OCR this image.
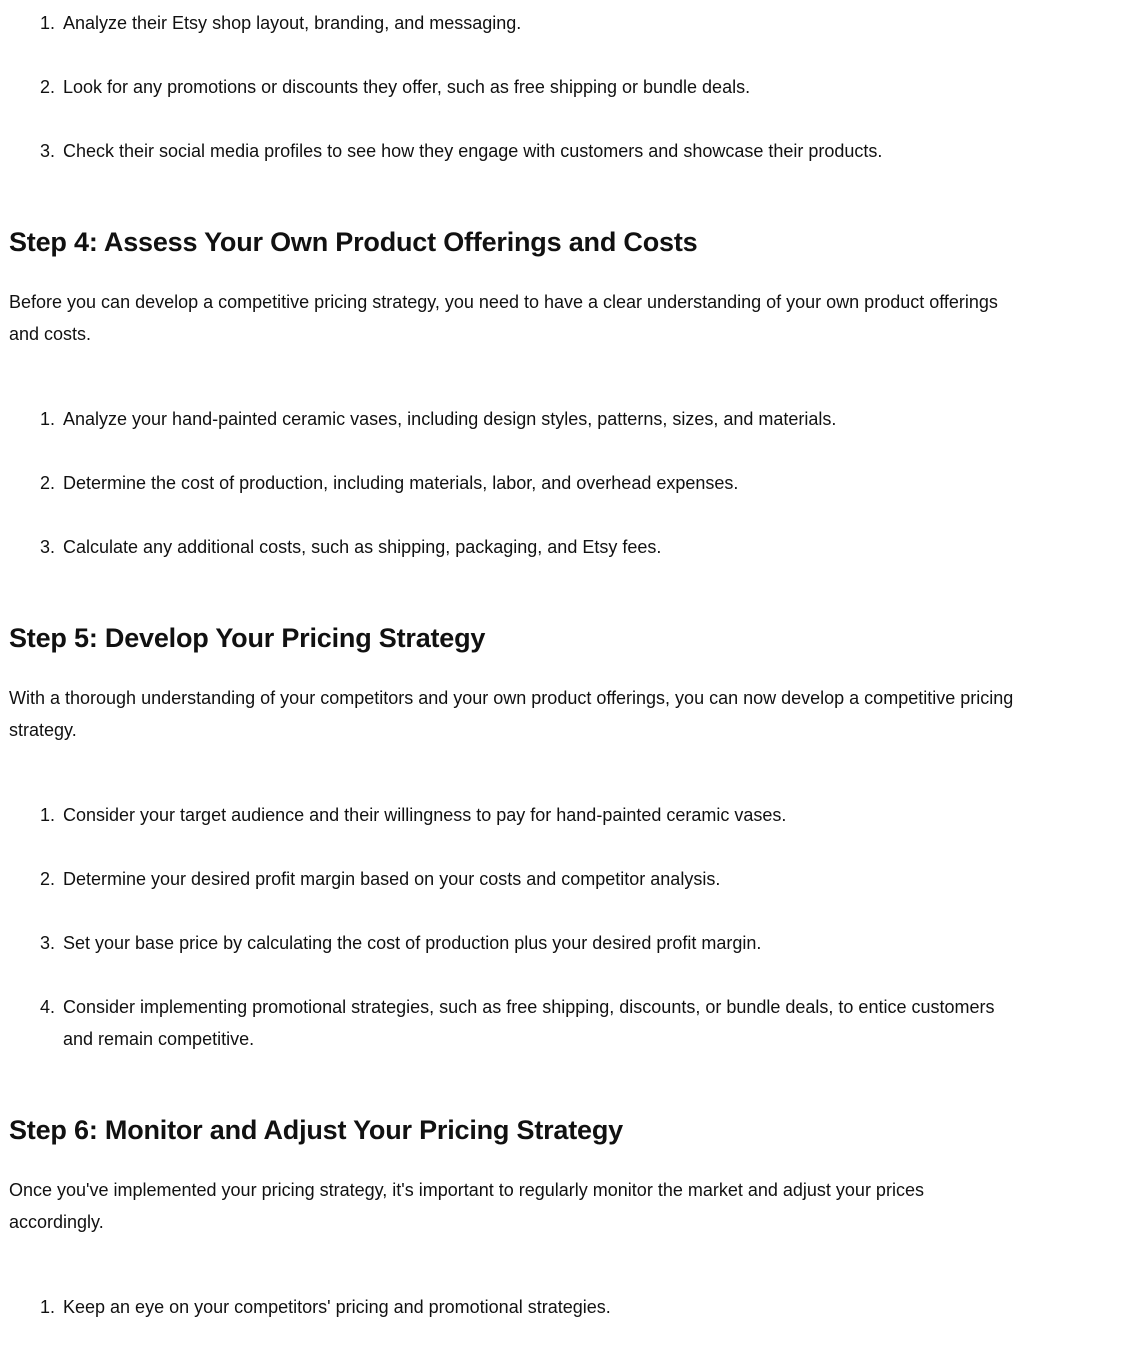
Analyze their Etsy shop layout, branding, and messaging.
Look for any promotions or discounts they offer, such as free shipping or bundle deals.
Check their social media profiles to see how they engage with customers and showcase their products.
Step 4: Assess Your Own Product Offerings and Costs

Before you can develop a competitive pricing strategy, you need to have a clear understanding of your own product offerings and costs.

Analyze your hand-painted ceramic vases, including design styles, patterns, sizes, and materials.
Determine the cost of production, including materials, labor, and overhead expenses.
Calculate any additional costs, such as shipping, packaging, and Etsy fees.
Step 5: Develop Your Pricing Strategy

With a thorough understanding of your competitors and your own product offerings, you can now develop a competitive pricing strategy.

Consider your target audience and their willingness to pay for hand-painted ceramic vases.
Determine your desired profit margin based on your costs and competitor analysis.
Set your base price by calculating the cost of production plus your desired profit margin.
Consider implementing promotional strategies, such as free shipping, discounts, or bundle deals, to entice customers and remain competitive.
Step 6: Monitor and Adjust Your Pricing Strategy

Once you've implemented your pricing strategy, it's important to regularly monitor the market and adjust your prices accordingly.

Keep an eye on your competitors' pricing and promotional strategies.
